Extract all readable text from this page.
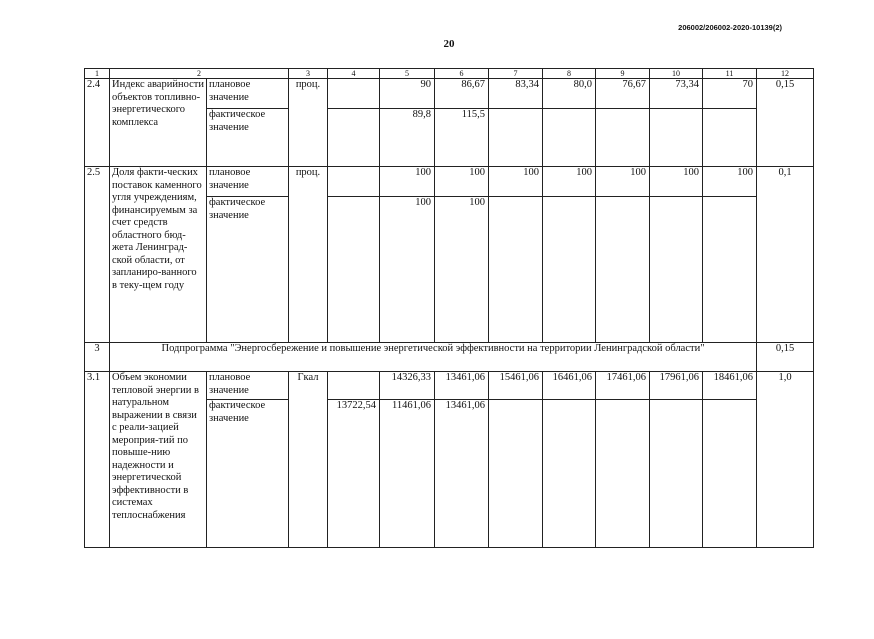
206002/206002-2020-10139(2)
20
1	2		3	4	5	6	7	8	9	10	11	12
2.4	Индекс аварийности объектов топливно-энергетического комплекса	плановое значение	проц.		90	86,67	83,34	80,0	76,67	73,34	70	0,15
		фактическое значение			89,8	115,5						
2.5	Доля факти-ческих поставок каменного угля учреждениям, финансируемым за счет средств областного бюд-жета Ленинград-ской области, от запланиро-ванного в теку-щем году	плановое значение	проц.		100	100	100	100	100	100	100	0,1
		фактическое значение			100	100						
3	Подпрограмма "Энергосбережение и повышение энергетической эффективности на территории Ленинградской области"											0,15
3.1	Объем экономии тепловой энергии в натуральном выражении в связи с реали-зацией мероприя-тий по повыше-нию надежности и энергетической эффективности в системах теплоснабжения	плановое значение	Гкал		14326,33	13461,06	15461,06	16461,06	17461,06	17961,06	18461,06	1,0
		фактическое значение		13722,54	11461,06	13461,06						
